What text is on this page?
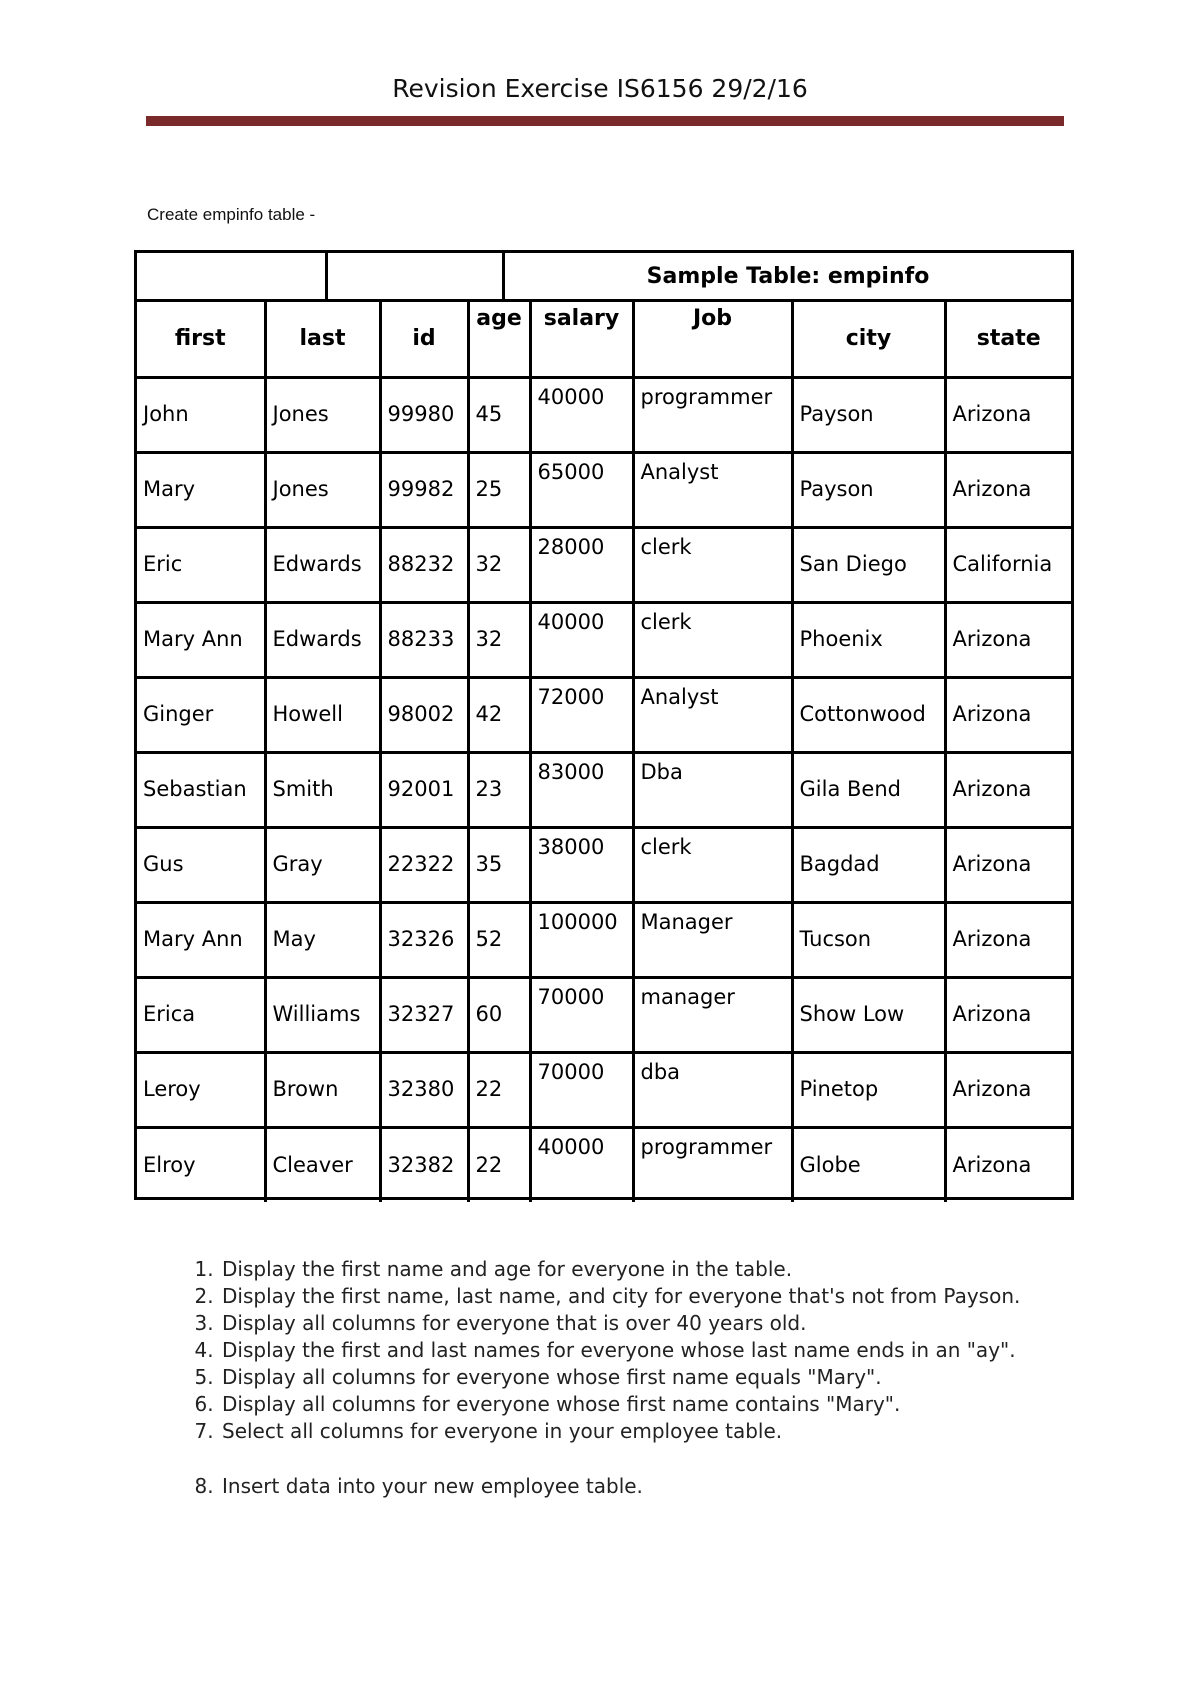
Revision Exercise IS6156 29/2/16
Create empinfo table -
Sample Table: empinfo
first	last	id	age	salary	Job	city	state
John	Jones	99980	45	40000	programmer	Payson	Arizona
Mary	Jones	99982	25	65000	Analyst	Payson	Arizona
Eric	Edwards	88232	32	28000	clerk	San Diego	California
Mary Ann	Edwards	88233	32	40000	clerk	Phoenix	Arizona
Ginger	Howell	98002	42	72000	Analyst	Cottonwood	Arizona
Sebastian	Smith	92001	23	83000	Dba	Gila Bend	Arizona
Gus	Gray	22322	35	38000	clerk	Bagdad	Arizona
Mary Ann	May	32326	52	100000	Manager	Tucson	Arizona
Erica	Williams	32327	60	70000	manager	Show Low	Arizona
Leroy	Brown	32380	22	70000	dba	Pinetop	Arizona
Elroy	Cleaver	32382	22	40000	programmer	Globe	Arizona
1. Display the first name and age for everyone in the table.
2. Display the first name, last name, and city for everyone that's not from Payson.
3. Display all columns for everyone that is over 40 years old.
4. Display the first and last names for everyone whose last name ends in an "ay".
5. Display all columns for everyone whose first name equals "Mary".
6. Display all columns for everyone whose first name contains "Mary".
7. Select all columns for everyone in your employee table.
8. Insert data into your new employee table.
